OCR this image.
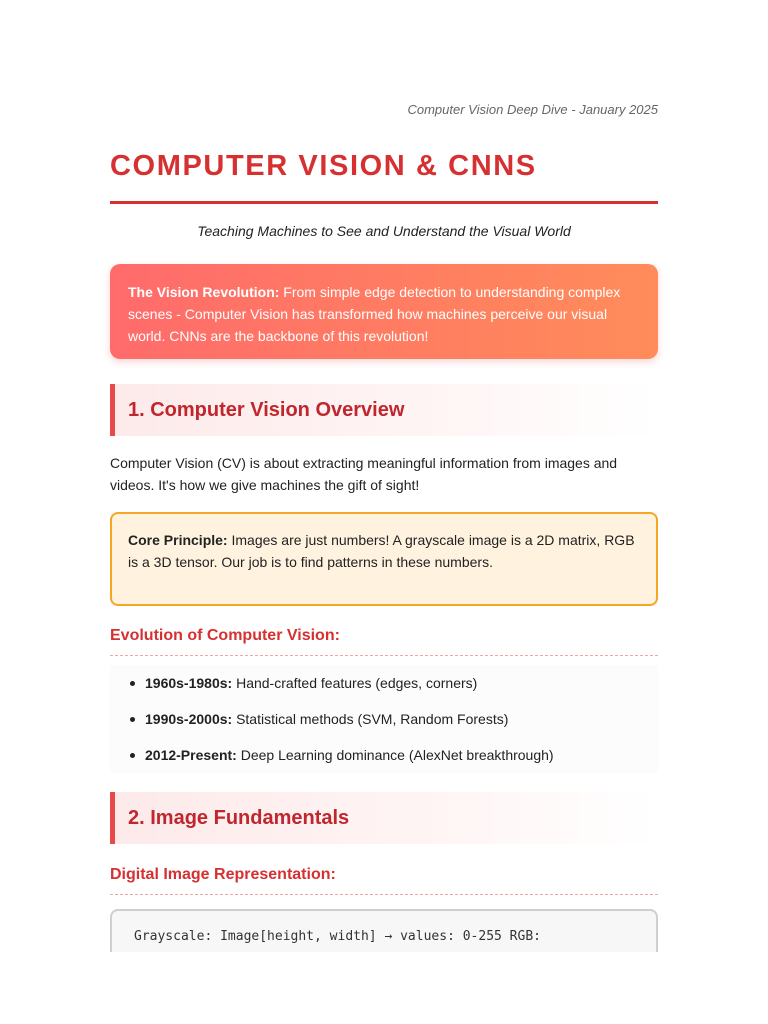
Computer Vision Deep Dive - January 2025
COMPUTER VISION & CNNS
Teaching Machines to See and Understand the Visual World
The Vision Revolution: From simple edge detection to understanding complex scenes - Computer Vision has transformed how machines perceive our visual world. CNNs are the backbone of this revolution!
1. Computer Vision Overview
Computer Vision (CV) is about extracting meaningful information from images and videos. It's how we give machines the gift of sight!
Core Principle: Images are just numbers! A grayscale image is a 2D matrix, RGB is a 3D tensor. Our job is to find patterns in these numbers.
Evolution of Computer Vision:
1960s-1980s: Hand-crafted features (edges, corners)
1990s-2000s: Statistical methods (SVM, Random Forests)
2012-Present: Deep Learning dominance (AlexNet breakthrough)
2. Image Fundamentals
Digital Image Representation:
Grayscale: Image[height, width] → values: 0-255 RGB:
